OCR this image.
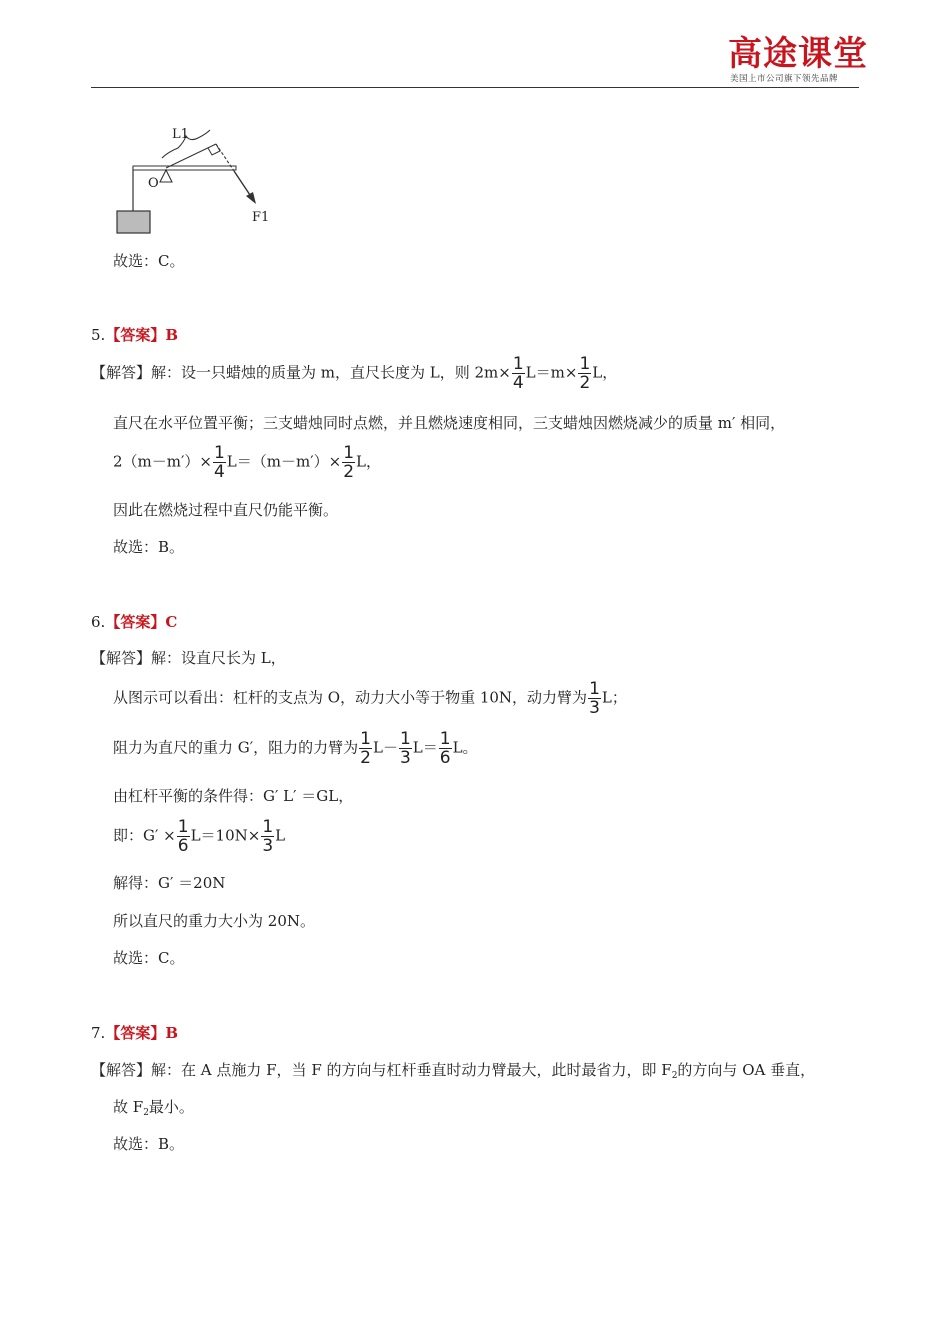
高途课堂
美国上市公司旗下领先品牌
L1
O
F1
故选：C。
5.【答案】B
【解答】解：设一只蜡烛的质量为 m，直尺长度为 L，则 $2m\times \frac{1}{4} L=m\times \frac{1}{2}$ L，
直尺在水平位置平衡；三支蜡烛同时点燃，并且燃烧速度相同，三支蜡烛因燃烧减少的质量 m′ 相同，
$2(m-m')\times \frac{1}{4} L=(m-m')\times \frac{1}{2}$ L，
因此在燃烧过程中直尺仍能平衡。
故选：B。
6.【答案】C
【解答】解：设直尺长为 L，
从图示可以看出：杠杆的支点为 O，动力大小等于物重 10N，动力臂为 $\frac{1}{3}$ L；
阻力为直尺的重力 G′，阻力的力臂为 $\frac{1}{2} L- \frac{1}{3} L= \frac{1}{6}$ L。
由杠杆平衡的条件得：G′ L′ ＝GL，
即：$G' \times \frac{1}{6} L=10N\times \frac{1}{3}$ L
解得：G′ ＝20N
所以直尺的重力大小为 20N。
故选：C。
7.【答案】B
【解答】解：在 A 点施力 F，当 F 的方向与杠杆垂直时动力臂最大，此时最省力，即 $F_2$的方向与 OA 垂直，
故 $F_2$最小。
故选：B。
